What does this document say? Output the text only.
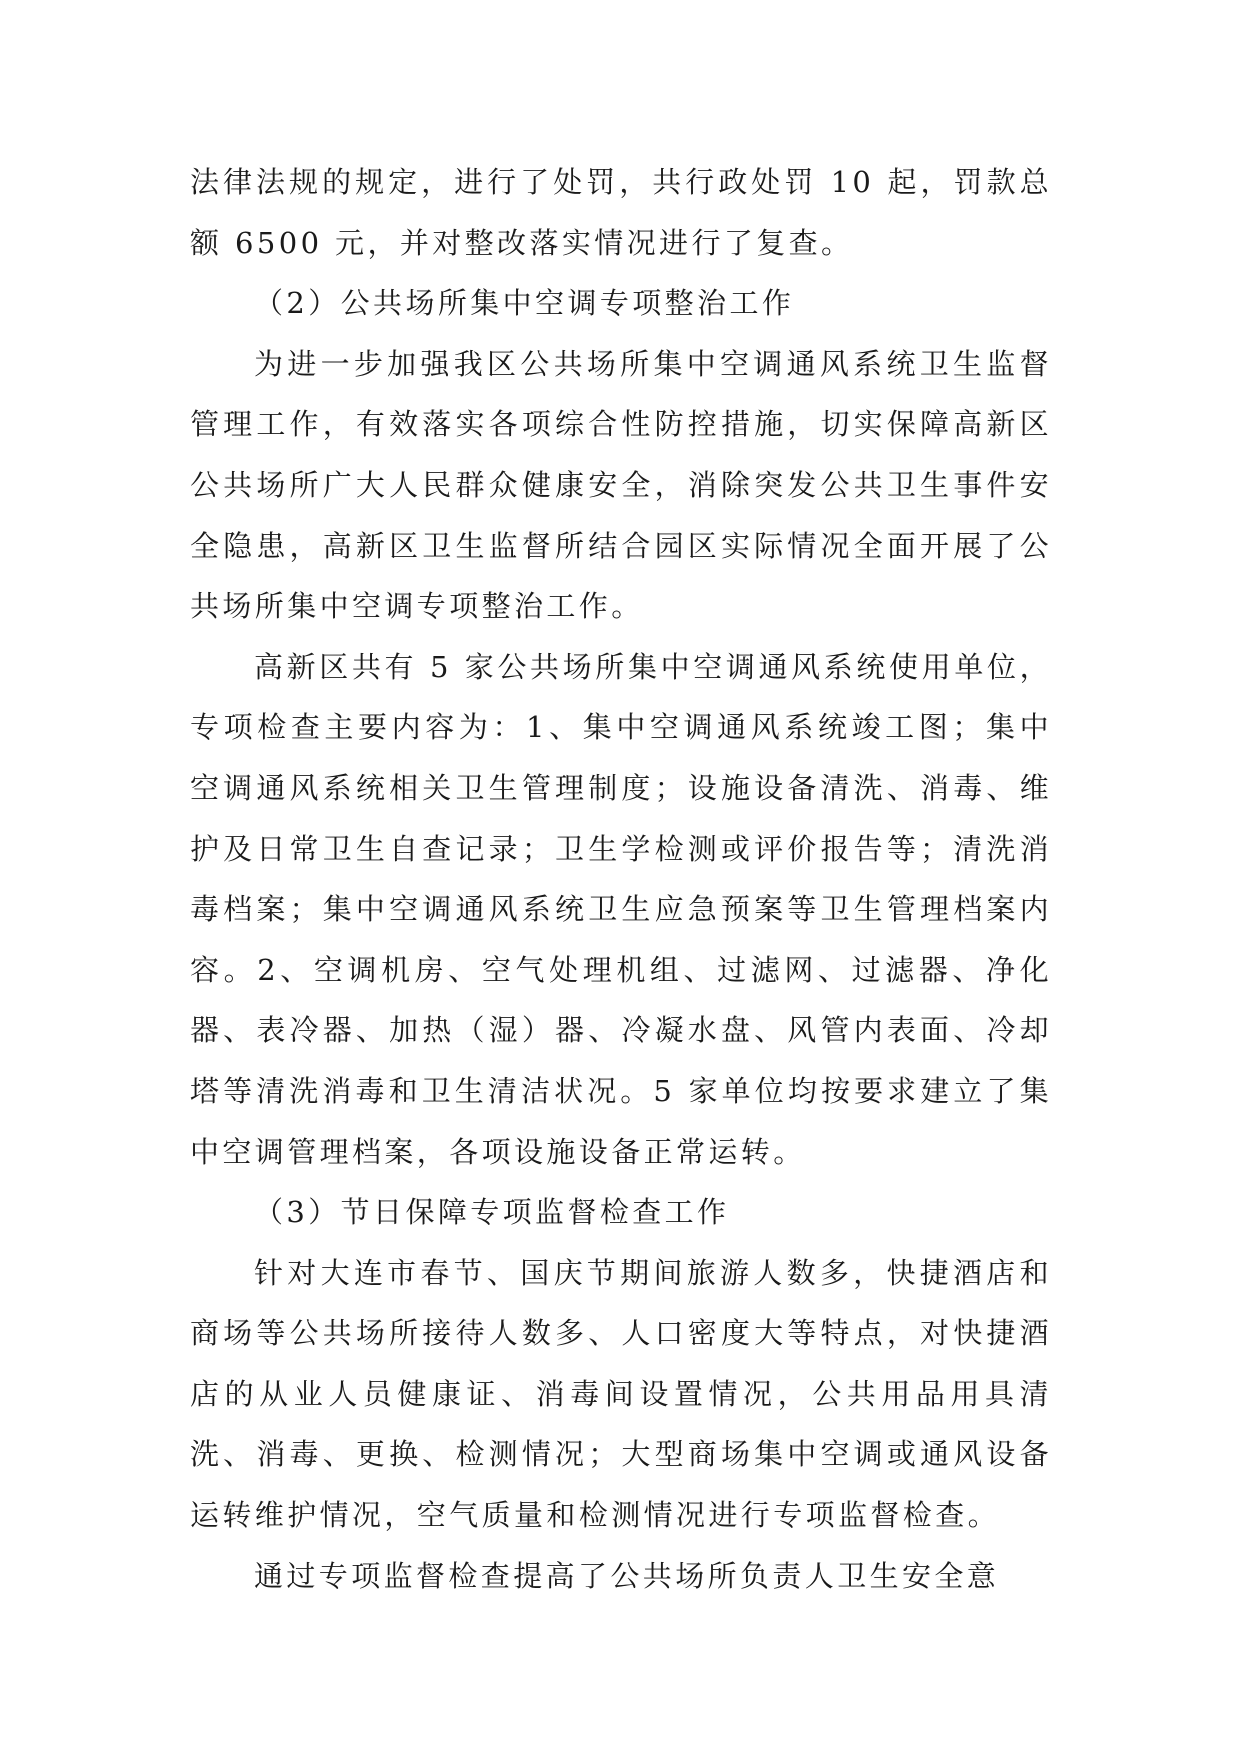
法律法规的规定，进行了处罚，共行政处罚 10 起，罚款总额 6500 元，并对整改落实情况进行了复查。

（2）公共场所集中空调专项整治工作

为进一步加强我区公共场所集中空调通风系统卫生监督管理工作，有效落实各项综合性防控措施，切实保障高新区公共场所广大人民群众健康安全，消除突发公共卫生事件安全隐患，高新区卫生监督所结合园区实际情况全面开展了公共场所集中空调专项整治工作。

高新区共有 5 家公共场所集中空调通风系统使用单位，专项检查主要内容为：1、集中空调通风系统竣工图；集中空调通风系统相关卫生管理制度；设施设备清洗、消毒、维护及日常卫生自查记录；卫生学检测或评价报告等；清洗消毒档案；集中空调通风系统卫生应急预案等卫生管理档案内容。2、空调机房、空气处理机组、过滤网、过滤器、净化器、表冷器、加热（湿）器、冷凝水盘、风管内表面、冷却塔等清洗消毒和卫生清洁状况。5 家单位均按要求建立了集中空调管理档案，各项设施设备正常运转。

（3）节日保障专项监督检查工作

针对大连市春节、国庆节期间旅游人数多，快捷酒店和商场等公共场所接待人数多、人口密度大等特点，对快捷酒店的从业人员健康证、消毒间设置情况，公共用品用具清洗、消毒、更换、检测情况；大型商场集中空调或通风设备运转维护情况，空气质量和检测情况进行专项监督检查。

通过专项监督检查提高了公共场所负责人卫生安全意
